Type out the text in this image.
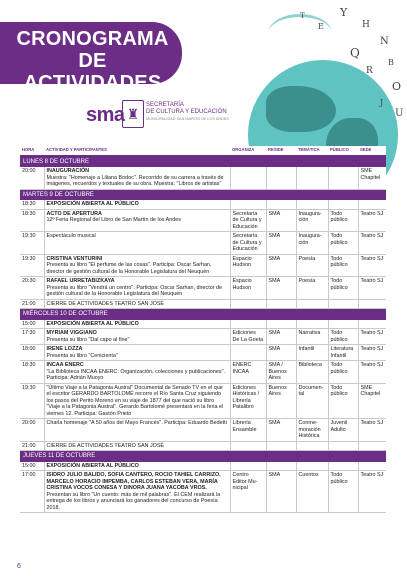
Y
H
E
T
N
Q
B
R
O
J
U
CRONOGRAMA
DE ACTIVIDADES
sma ♜
SECRETARÍA
DE CULTURA Y EDUCACIÓN
MUNICIPALIDAD SAN MARTÍN DE LOS ANDES
HORA	ACTIVIDAD Y PARTICIPANTES	ORGANIZA	RESIDE	TEMÁTICA	PÚBLICO	SEDE
LUNES 8 DE OCTUBRE						
20:00	INAUGURACIÓN
Muestra: "Homenaje a Liliana Bodoc". Recorrido de su carrera a través de imágenes, recuerdos y textuales de su obra. Muestra: "Libros de artistas"					SME Chapitel
MARTES 9 DE OCTUBRE						
18:30	EXPOSICIÓN ABIERTA AL PÚBLICO					

18:30	ACTO DE APERTURA
12º Feria Regional del Libro de San Martín de los Andes	Secretaría de Cultura y Educación	SMA	Inaugura-ción	Todo público	Teatro SJ
19:30	Espectáculo musical	Secretaría de Cultura y Educación	SMA	Inaugura-ción	Todo público	Teatro SJ
19:30	CRISTINA VENTURINI
Presenta su libro "El perfume de las cosas". Participa: Oscar Sarhan, director de gestión cultural de la Honorable Legislatura del Neuquén	Espacio Hudson	SMA	Poesía	Todo público	Teatro SJ
20:30	RAFAEL URRETABIZKAYA
Presenta su libro "Vendrá un centro". Participa: Oscar Sarhan, director de gestión cultural de la Honorable Legislatura del Neuquén	Espacio Hudson	SMA	Poesía	Todo público	Teatro SJ
21:00	CIERRE DE ACTIVIDADES TEATRO SAN JOSÉ					

MIÉRCOLES 10 DE OCTUBRE						
15:00	EXPOSICIÓN ABIERTA AL PÚBLICO					

17:30	MYRIAM VIGGIANO
Presenta su libro "Dal capo al fine"	Ediciones De La Grieta	SMA	Narrativa	Todo público	Teatro SJ
18:00	IRENE LOZZA
Presenta su libro "Cenicienta"		SMA	Infantil	Literatura Infantil	Teatro SJ
18:30	INCAA ENERC
"La Biblioteca INCAA ENERC: Organización, colecciones y publicaciones". Participa: Adrián Muoyo	ENERC INCAA	SMA / Buenos Aires	Biblioteca	Todo público	Teatro SJ
19:30	"Último Viaje a la Patagonia Austral" Documental de Senado TV en el que el escritor GERARDO BARTOLOMÉ recorre el Río Santa Cruz siguiendo los pasos del Perito Moreno en su viaje de 1877 del que nació su libro "Viaje a la Patagonia Austral". Gerardo Bartolomé presentará en la feria el viernes 12. Participa: Gastón Prieto	Ediciones Históricas / Librería Patalibro	Buenos Aires	Documen-tal	Todo público	SME Chapitel
20:00	Charla homenaje "A 50 años del Mayo Francés". Participa: Eduardo Bedetti	Librería Ensamble	SMA	Conme-moración Histórica	Juvenil Adulto	Teatro SJ
21:00	CIERRE DE ACTIVIDADES TEATRO SAN JOSÉ					

JUEVES 11 DE OCTUBRE						
15:00	EXPOSICIÓN ABIERTA AL PÚBLICO					

17:00	ISIDRO JULIO BALIDO, SOFIA CANTERO, ROCIO TAHIEL CARRIZO, MARCELO HORACIO IMPEMBA, CARLOS ESTEBAN VERA, MARÍA CRISTINA VOCOS CONESA Y DINORA JUANA YACOBA VROS.
Presentan su libro "Un cuento: más de mil palabras". El CEM realizará la entrega de los libros y anunciará los ganadores del concurso de Poesía 2018.	Centro Editor Mu-nicipal	SMA	Cuentos	Todo público	Teatro SJ
6
